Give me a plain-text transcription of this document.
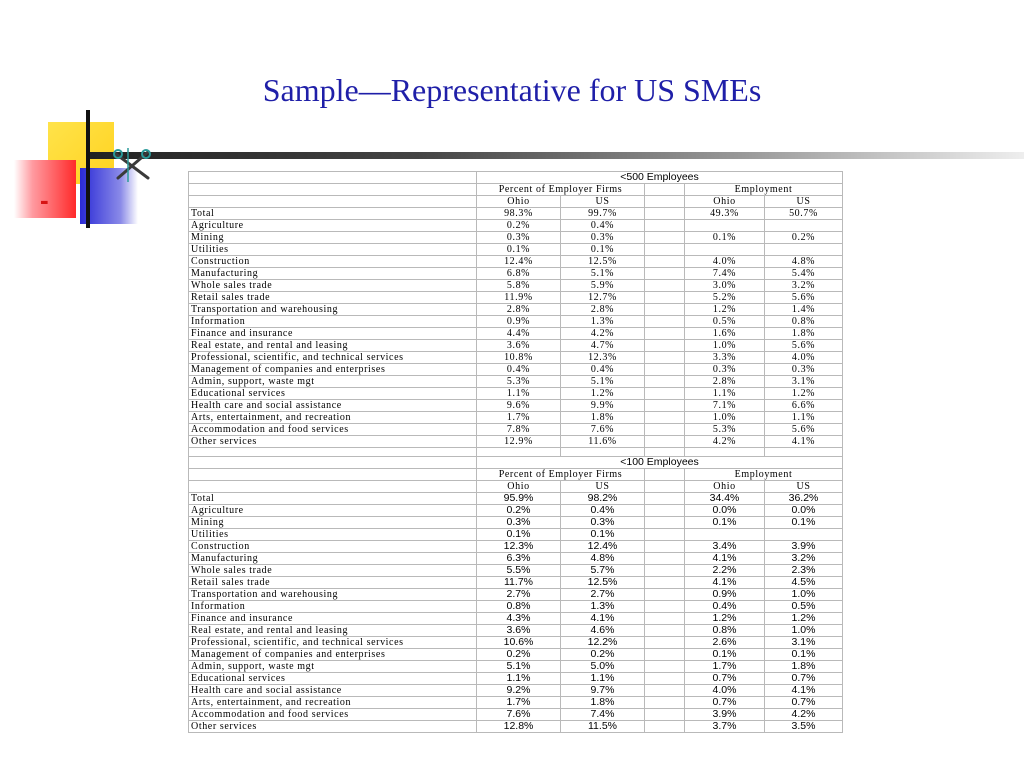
Sample—Representative for US SMEs
-
	<500 Employees				
	Percent of Employer Firms			Employment	
	Ohio	US		Ohio	US
Total	98.3%	99.7%		49.3%	50.7%
Agriculture	0.2%	0.4%			
Mining	0.3%	0.3%		0.1%	0.2%
Utilities	0.1%	0.1%			
Construction	12.4%	12.5%		4.0%	4.8%
Manufacturing	6.8%	5.1%		7.4%	5.4%
Whole sales trade	5.8%	5.9%		3.0%	3.2%
Retail sales trade	11.9%	12.7%		5.2%	5.6%
Transportation and warehousing	2.8%	2.8%		1.2%	1.4%
Information	0.9%	1.3%		0.5%	0.8%
Finance and insurance	4.4%	4.2%		1.6%	1.8%
Real estate, and rental and leasing	3.6%	4.7%		1.0%	5.6%
Professional, scientific, and technical services	10.8%	12.3%		3.3%	4.0%
Management of companies and enterprises	0.4%	0.4%		0.3%	0.3%
Admin, support, waste mgt	5.3%	5.1%		2.8%	3.1%
Educational services	1.1%	1.2%		1.1%	1.2%
Health care and social assistance	9.6%	9.9%		7.1%	6.6%
Arts, entertainment, and recreation	1.7%	1.8%		1.0%	1.1%
Accommodation and food services	7.8%	7.6%		5.3%	5.6%
Other services	12.9%	11.6%		4.2%	4.1%

	<100 Employees				
	Percent of Employer Firms			Employment	
	Ohio	US		Ohio	US
Total	95.9%	98.2%		34.4%	36.2%
Agriculture	0.2%	0.4%		0.0%	0.0%
Mining	0.3%	0.3%		0.1%	0.1%
Utilities	0.1%	0.1%			
Construction	12.3%	12.4%		3.4%	3.9%
Manufacturing	6.3%	4.8%		4.1%	3.2%
Whole sales trade	5.5%	5.7%		2.2%	2.3%
Retail sales trade	11.7%	12.5%		4.1%	4.5%
Transportation and warehousing	2.7%	2.7%		0.9%	1.0%
Information	0.8%	1.3%		0.4%	0.5%
Finance and insurance	4.3%	4.1%		1.2%	1.2%
Real estate, and rental and leasing	3.6%	4.6%		0.8%	1.0%
Professional, scientific, and technical services	10.6%	12.2%		2.6%	3.1%
Management of companies and enterprises	0.2%	0.2%		0.1%	0.1%
Admin, support, waste mgt	5.1%	5.0%		1.7%	1.8%
Educational services	1.1%	1.1%		0.7%	0.7%
Health care and social assistance	9.2%	9.7%		4.0%	4.1%
Arts, entertainment, and recreation	1.7%	1.8%		0.7%	0.7%
Accommodation and food services	7.6%	7.4%		3.9%	4.2%
Other services	12.8%	11.5%		3.7%	3.5%
